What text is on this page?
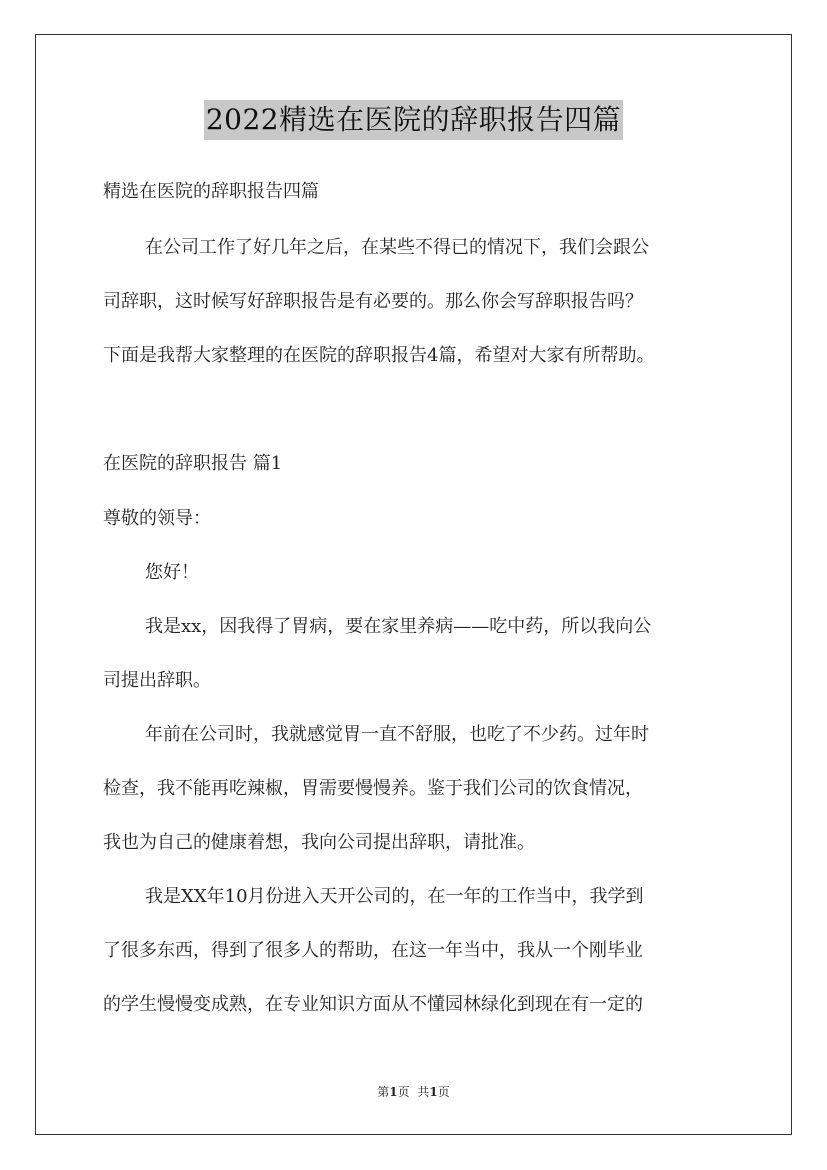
2022精选在医院的辞职报告四篇
精选在医院的辞职报告四篇
在公司工作了好几年之后，在某些不得已的情况下，我们会跟公
司辞职，这时候写好辞职报告是有必要的。那么你会写辞职报告吗？
下面是我帮大家整理的在医院的辞职报告4篇，希望对大家有所帮助。
在医院的辞职报告 篇1
尊敬的领导：
您好！
我是xx，因我得了胃病，要在家里养病——吃中药，所以我向公
司提出辞职。
年前在公司时，我就感觉胃一直不舒服，也吃了不少药。过年时
检查，我不能再吃辣椒，胃需要慢慢养。鉴于我们公司的饮食情况，
我也为自己的健康着想，我向公司提出辞职，请批准。
我是XX年10月份进入天开公司的，在一年的工作当中，我学到
了很多东西，得到了很多人的帮助，在这一年当中，我从一个刚毕业
的学生慢慢变成熟，在专业知识方面从不懂园林绿化到现在有一定的
第1页 共1页
